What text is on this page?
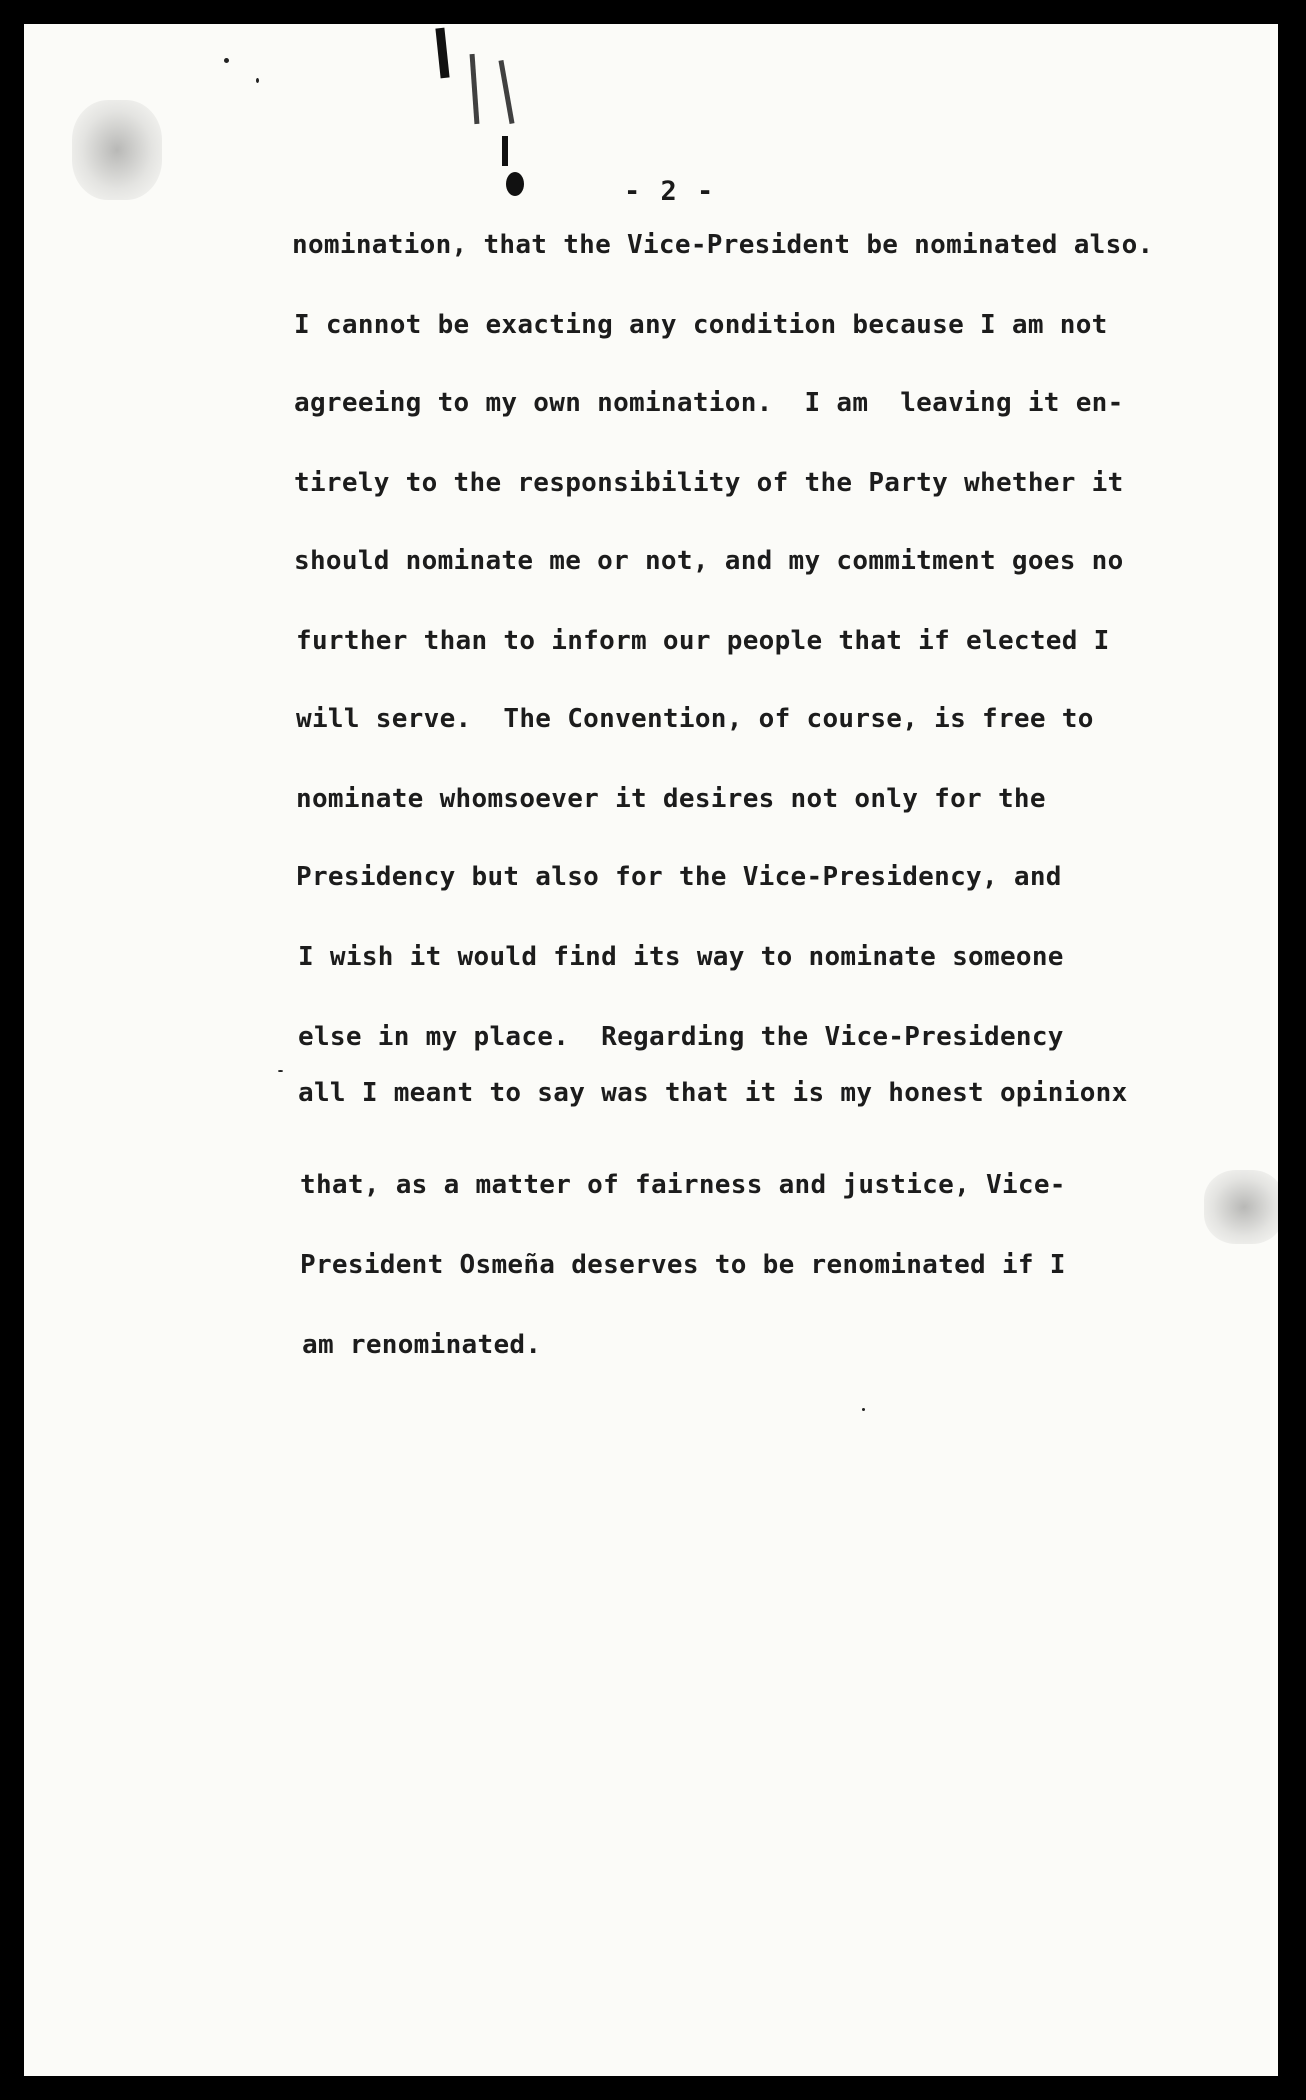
- 2 -
nomination, that the Vice-President be nominated also.
I cannot be exacting any condition because I am not
agreeing to my own nomination.  I am  leaving it en-
tirely to the responsibility of the Party whether it
should nominate me or not, and my commitment goes no
further than to inform our people that if elected I
will serve.  The Convention, of course, is free to
nominate whomsoever it desires not only for the
Presidency but also for the Vice-Presidency, and
I wish it would find its way to nominate someone
else in my place.  Regarding the Vice-Presidency
all I meant to say was that it is my honest opinionx
that, as a matter of fairness and justice, Vice-
President Osmeña deserves to be renominated if I
am renominated.
